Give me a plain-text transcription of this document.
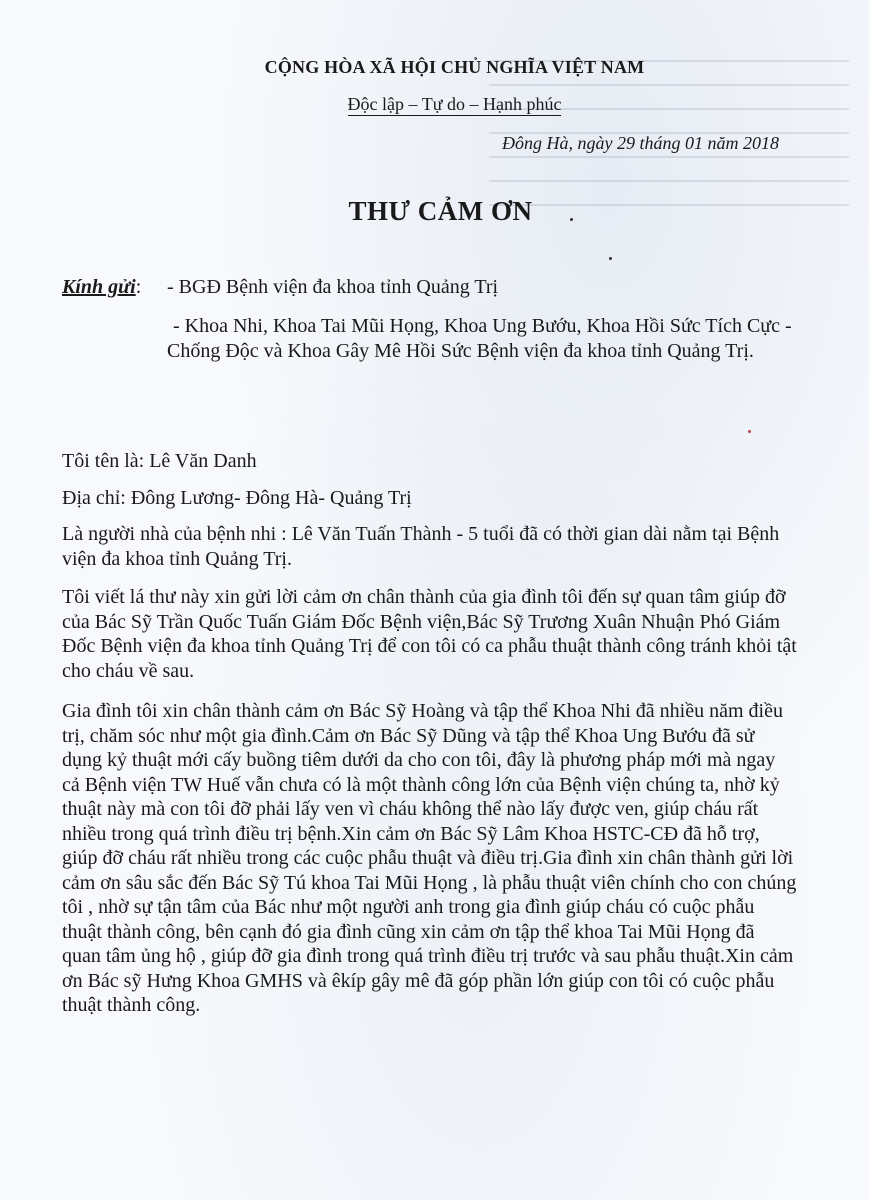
CỘNG HÒA XÃ HỘI CHỦ NGHĨA VIỆT NAM
Độc lập – Tự do – Hạnh phúc
Đông Hà, ngày 29 tháng 01 năm 2018
THƯ CẢM ƠN
Kính gửi:	- BGĐ Bệnh viện đa khoa tỉnh Quảng Trị
- Khoa Nhi, Khoa Tai Mũi Họng, Khoa Ung Bướu, Khoa Hồi Sức Tích Cực - Chống Độc và Khoa Gây Mê Hồi Sức Bệnh viện đa khoa tỉnh Quảng Trị.

Tôi tên là: Lê Văn Danh

Địa chỉ: Đông Lương- Đông Hà- Quảng Trị

Là người nhà của bệnh nhi : Lê Văn Tuấn Thành - 5 tuổi đã có thời gian dài nằm tại Bệnh viện đa khoa tỉnh Quảng Trị.

Tôi viết lá thư này xin gửi lời cảm ơn chân thành của gia đình tôi đến sự quan tâm giúp đỡ của Bác Sỹ Trần Quốc Tuấn Giám Đốc Bệnh viện,Bác Sỹ Trương Xuân Nhuận Phó Giám Đốc Bệnh viện đa khoa tỉnh Quảng Trị để con tôi có ca phẫu thuật thành công tránh khỏi tật cho cháu về sau.

Gia đình tôi xin chân thành cảm ơn Bác Sỹ Hoàng và tập thể Khoa Nhi đã nhiều năm điều trị, chăm sóc như một gia đình.Cảm ơn Bác Sỹ Dũng và tập thể Khoa Ung Bướu đã sử dụng kỷ thuật mới cấy buồng tiêm dưới da cho con tôi, đây là phương pháp mới mà ngay cả Bệnh viện TW Huế vẫn chưa có là một thành công lớn của Bệnh viện chúng ta, nhờ kỷ thuật này mà con tôi đỡ phải lấy ven vì cháu không thể nào lấy được ven, giúp cháu rất nhiều trong quá trình điều trị bệnh.Xin cảm ơn Bác Sỹ Lâm Khoa HSTC-CĐ đã hỗ trợ, giúp đỡ cháu rất nhiều trong các cuộc phẫu thuật và điều trị.Gia đình xin chân thành gửi lời cảm ơn sâu sắc đến Bác Sỹ Tú khoa Tai Mũi Họng , là phẫu thuật viên chính cho con chúng tôi , nhờ sự tận tâm của Bác như một người anh trong gia đình giúp cháu có cuộc phẫu thuật thành công, bên cạnh đó gia đình cũng xin cảm ơn tập thể khoa Tai Mũi Họng đã quan tâm ủng hộ , giúp đỡ gia đình trong quá trình điều trị trước và sau phẫu thuật.Xin cảm ơn Bác sỹ Hưng Khoa GMHS và êkíp gây mê đã góp phần lớn giúp con tôi có cuộc phẫu thuật thành công.
